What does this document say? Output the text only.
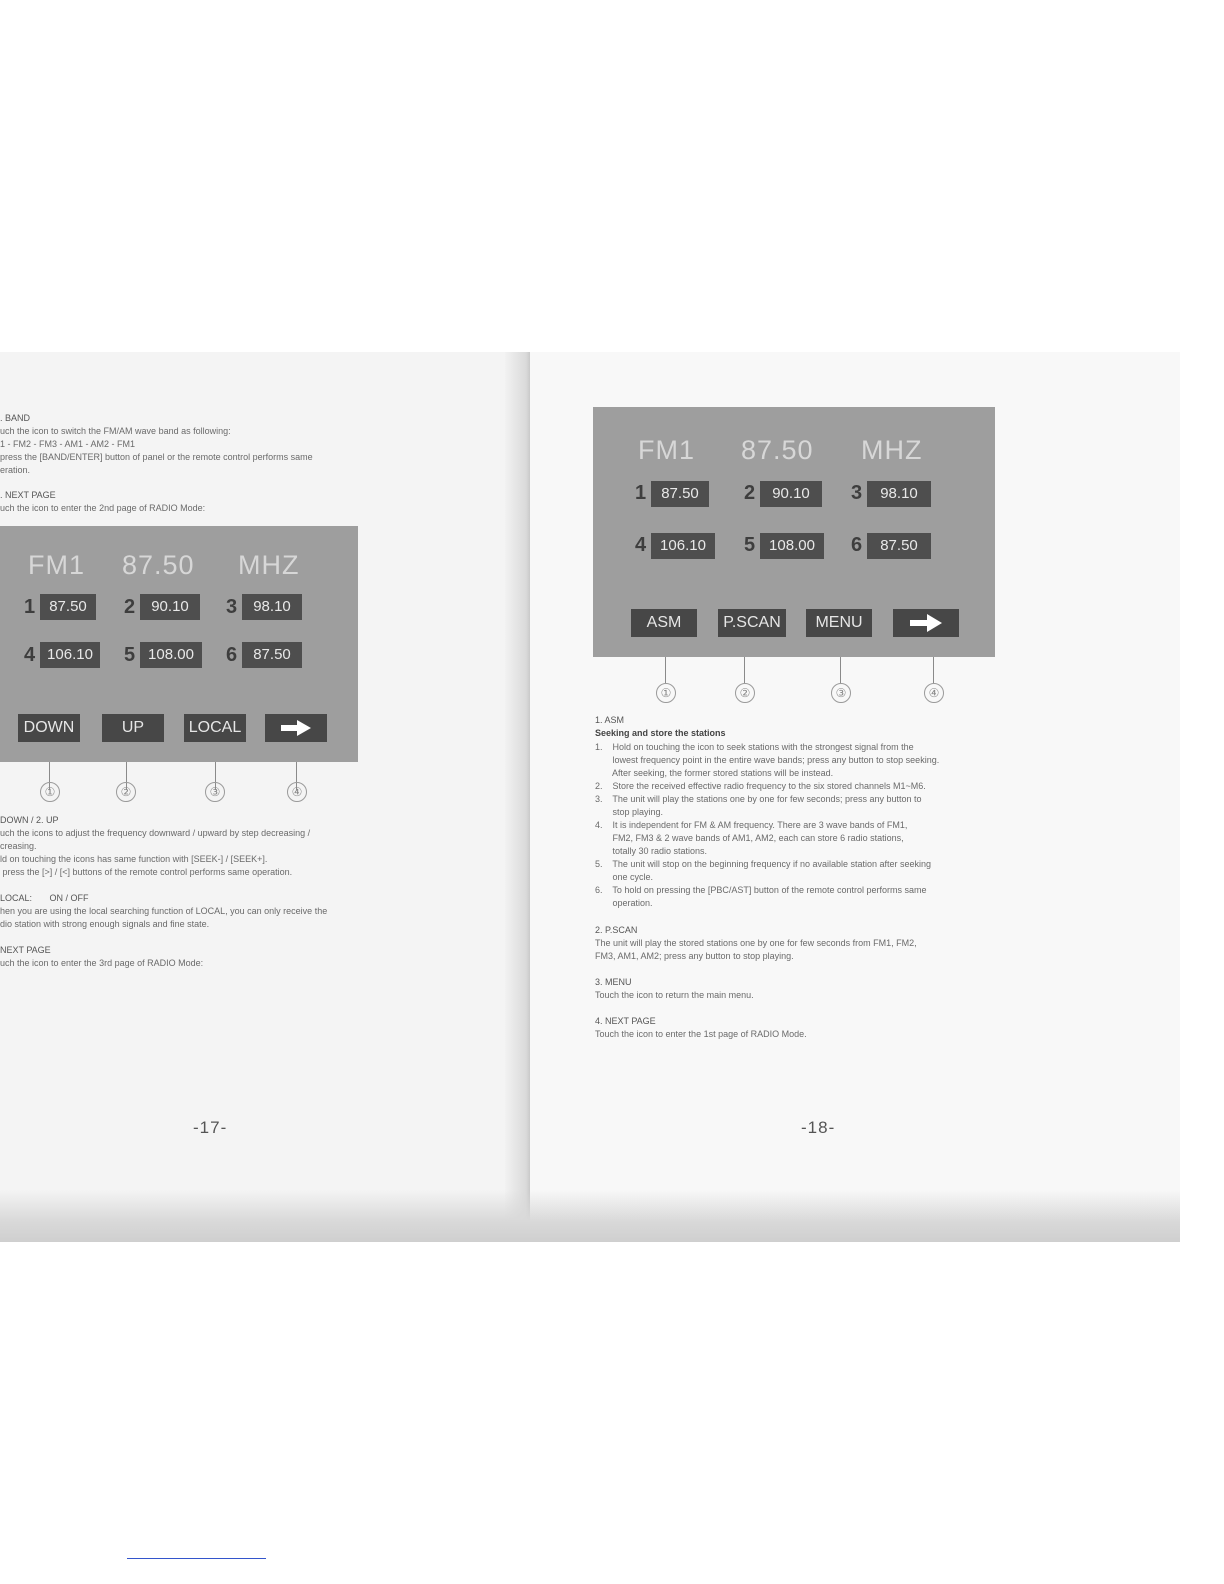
. BAND
uch the icon to switch the FM/AM wave band as following:
1 - FM2 - FM3 - AM1 - AM2 - FM1
press the [BAND/ENTER] button of panel or the remote control performs same
eration.
. NEXT PAGE
uch the icon to enter the 2nd page of RADIO Mode:
FM1 87.50 MHZ
1 87.50	2	90.10	3	98.10
4 106.10	5 108.00	6	87.50
DOWN	UP	LOCAL
①	②	③	④
DOWN / 2. UP
uch the icons to adjust the frequency downward / upward by step decreasing /
creasing.
ld on touching the icons has same function with [SEEK-] / [SEEK+].
press the [>] / [<] buttons of the remote control performs same operation.
LOCAL:       ON / OFF
hen you are using the local searching function of LOCAL, you can only receive the
dio station with strong enough signals and fine state.
NEXT PAGE
uch the icon to enter the 3rd page of RADIO Mode:
-17-
FM1 87.50 MHZ
1	87.50	2	90.10	3	98.10
4 106.10	5 108.00	6	87.50
ASM	P.SCAN	MENU
①	②	③	④
1. ASM
Seeking and store the stations
1.    Hold on touching the icon to seek stations with the strongest signal from the
lowest frequency point in the entire wave bands; press any button to stop seeking.
After seeking, the former stored stations will be instead.
2.    Store the received effective radio frequency to the six stored channels M1~M6.
3.    The unit will play the stations one by one for few seconds; press any button to
stop playing.
4.    It is independent for FM & AM frequency. There are 3 wave bands of FM1,
FM2, FM3 & 2 wave bands of AM1, AM2, each can store 6 radio stations,
totally 30 radio stations.
5.    The unit will stop on the beginning frequency if no available station after seeking
one cycle.
6.    To hold on pressing the [PBC/AST] button of the remote control performs same
operation.
2. P.SCAN
The unit will play the stored stations one by one for few seconds from FM1, FM2,
FM3, AM1, AM2; press any button to stop playing.
3. MENU
Touch the icon to return the main menu.
4. NEXT PAGE
Touch the icon to enter the 1st page of RADIO Mode.
-18-
